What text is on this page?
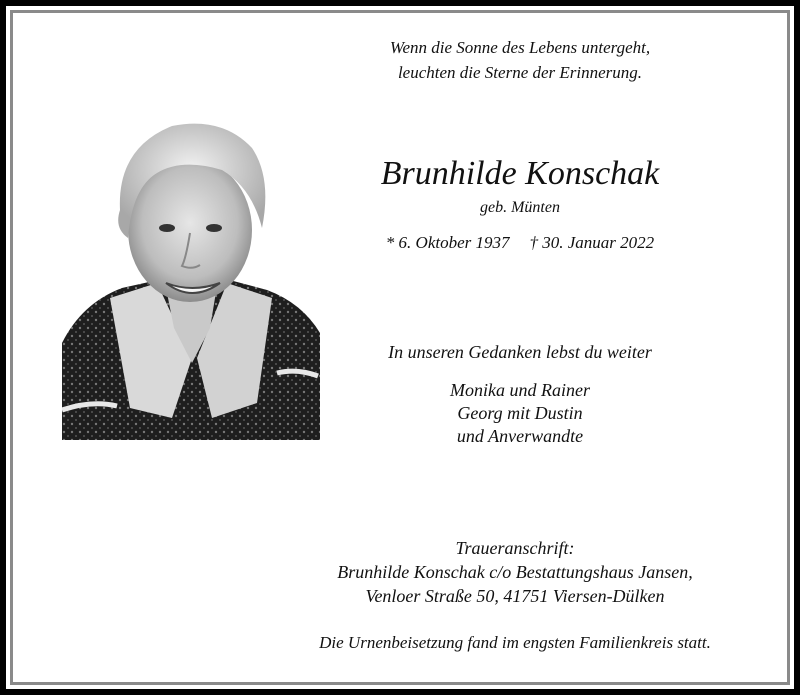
Wenn die Sonne des Lebens untergeht,
leuchten die Sterne der Erinnerung.
Brunhilde Konschak
geb. Münten
* 6. Oktober 1937 † 30. Januar 2022
In unseren Gedanken lebst du weiter
Monika und Rainer
Georg mit Dustin
und Anverwandte
Traueranschrift:
Brunhilde Konschak c/o Bestattungshaus Jansen,
Venloer Straße 50, 41751 Viersen-Dülken
Die Urnenbeisetzung fand im engsten Familienkreis statt.
